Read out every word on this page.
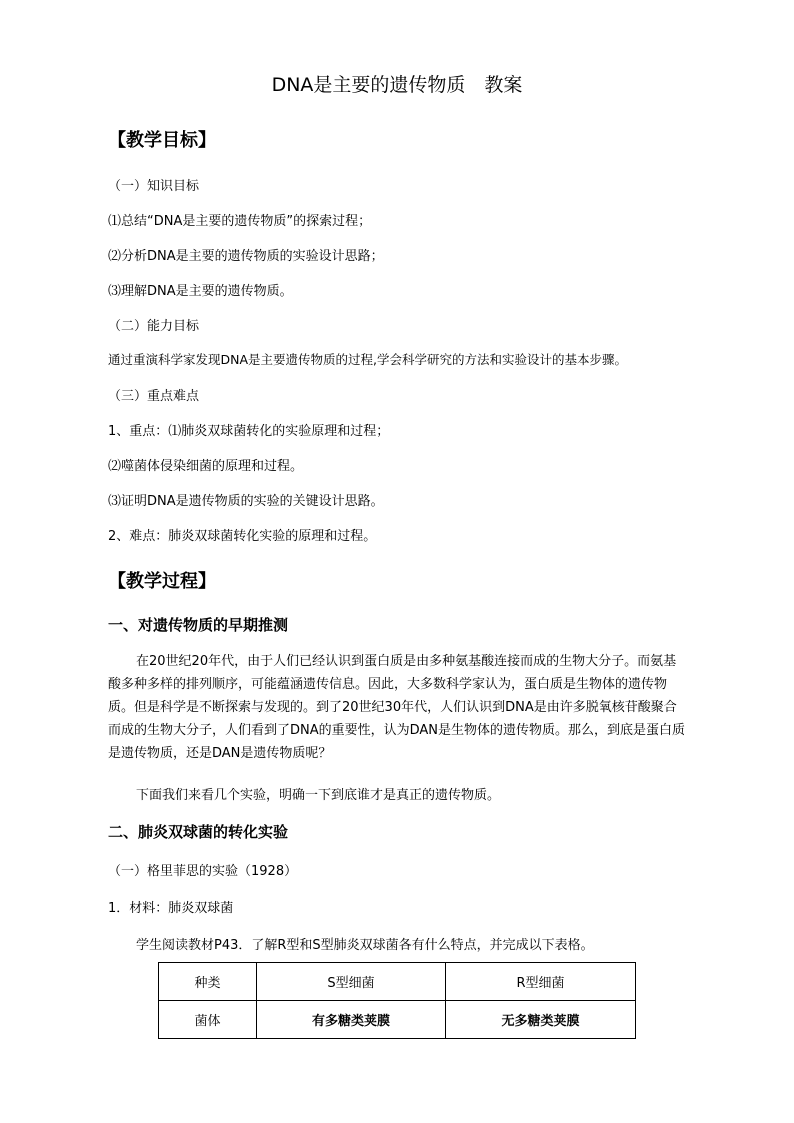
DNA是主要的遗传物质　教案
【教学目标】
（一）知识目标
⑴总结“DNA是主要的遗传物质”的探索过程；
⑵分析DNA是主要的遗传物质的实验设计思路；
⑶理解DNA是主要的遗传物质。
（二）能力目标
通过重演科学家发现DNA是主要遗传物质的过程,学会科学研究的方法和实验设计的基本步骤。
（三）重点难点
1、重点：⑴肺炎双球菌转化的实验原理和过程；
⑵噬菌体侵染细菌的原理和过程。
⑶证明DNA是遗传物质的实验的关键设计思路。
2、难点：肺炎双球菌转化实验的原理和过程。
【教学过程】
一、对遗传物质的早期推测
在20世纪20年代，由于人们已经认识到蛋白质是由多种氨基酸连接而成的生物大分子。而氨基酸多种多样的排列顺序，可能蕴涵遗传信息。因此，大多数科学家认为，蛋白质是生物体的遗传物质。但是科学是不断探索与发现的。到了20世纪30年代，人们认识到DNA是由许多脱氧核苷酸聚合而成的生物大分子，人们看到了DNA的重要性，认为DAN是生物体的遗传物质。那么，到底是蛋白质是遗传物质，还是DAN是遗传物质呢？
下面我们来看几个实验，明确一下到底谁才是真正的遗传物质。
二、肺炎双球菌的转化实验
（一）格里菲思的实验（1928）
1．材料：肺炎双球菌
学生阅读教材P43．了解R型和S型肺炎双球菌各有什么特点，并完成以下表格。
种类	S型细菌	R型细菌
菌体	有多糖类荚膜	无多糖类荚膜
